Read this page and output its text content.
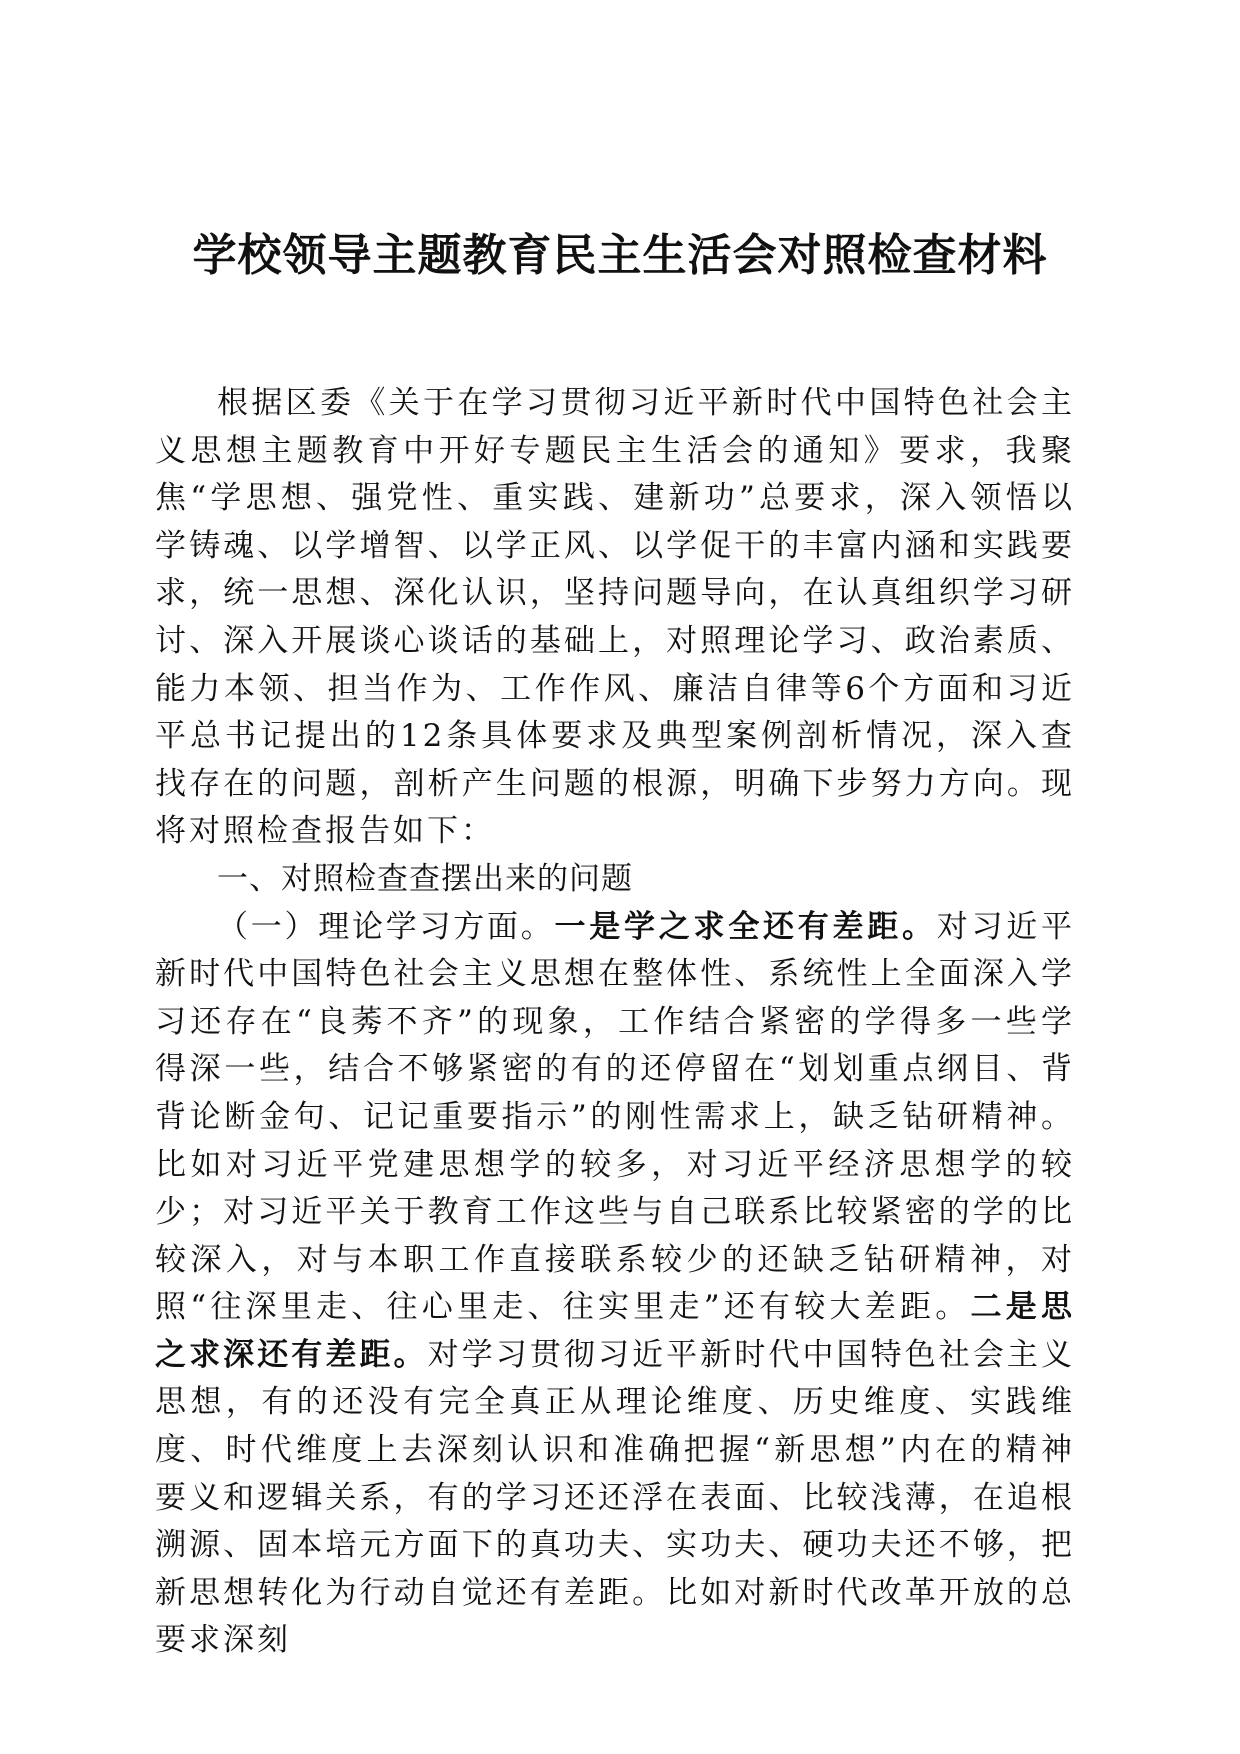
学校领导主题教育民主生活会对照检查材料

根据区委《关于在学习贯彻习近平新时代中国特色社会主义思想主题教育中开好专题民主生活会的通知》要求，我聚焦“学思想、强党性、重实践、建新功”总要求，深入领悟以学铸魂、以学增智、以学正风、以学促干的丰富内涵和实践要求，统一思想、深化认识，坚持问题导向，在认真组织学习研讨、深入开展谈心谈话的基础上，对照理论学习、政治素质、能力本领、担当作为、工作作风、廉洁自律等6个方面和习近平总书记提出的12条具体要求及典型案例剖析情况，深入查找存在的问题，剖析产生问题的根源，明确下步努力方向。现将对照检查报告如下：

一、对照检查查摆出来的问题

（一）理论学习方面。一是学之求全还有差距。对习近平新时代中国特色社会主义思想在整体性、系统性上全面深入学习还存在“良莠不齐”的现象，工作结合紧密的学得多一些学得深一些，结合不够紧密的有的还停留在“划划重点纲目、背背论断金句、记记重要指示”的刚性需求上，缺乏钻研精神。比如对习近平党建思想学的较多，对习近平经济思想学的较少；对习近平关于教育工作这些与自己联系比较紧密的学的比较深入，对与本职工作直接联系较少的还缺乏钻研精神，对照“往深里走、往心里走、往实里走”还有较大差距。二是思之求深还有差距。对学习贯彻习近平新时代中国特色社会主义思想，有的还没有完全真正从理论维度、历史维度、实践维度、时代维度上去深刻认识和准确把握“新思想”内在的精神要义和逻辑关系，有的学习还还浮在表面、比较浅薄，在追根溯源、固本培元方面下的真功夫、实功夫、硬功夫还不够，把新思想转化为行动自觉还有差距。比如对新时代改革开放的总要求深刻
